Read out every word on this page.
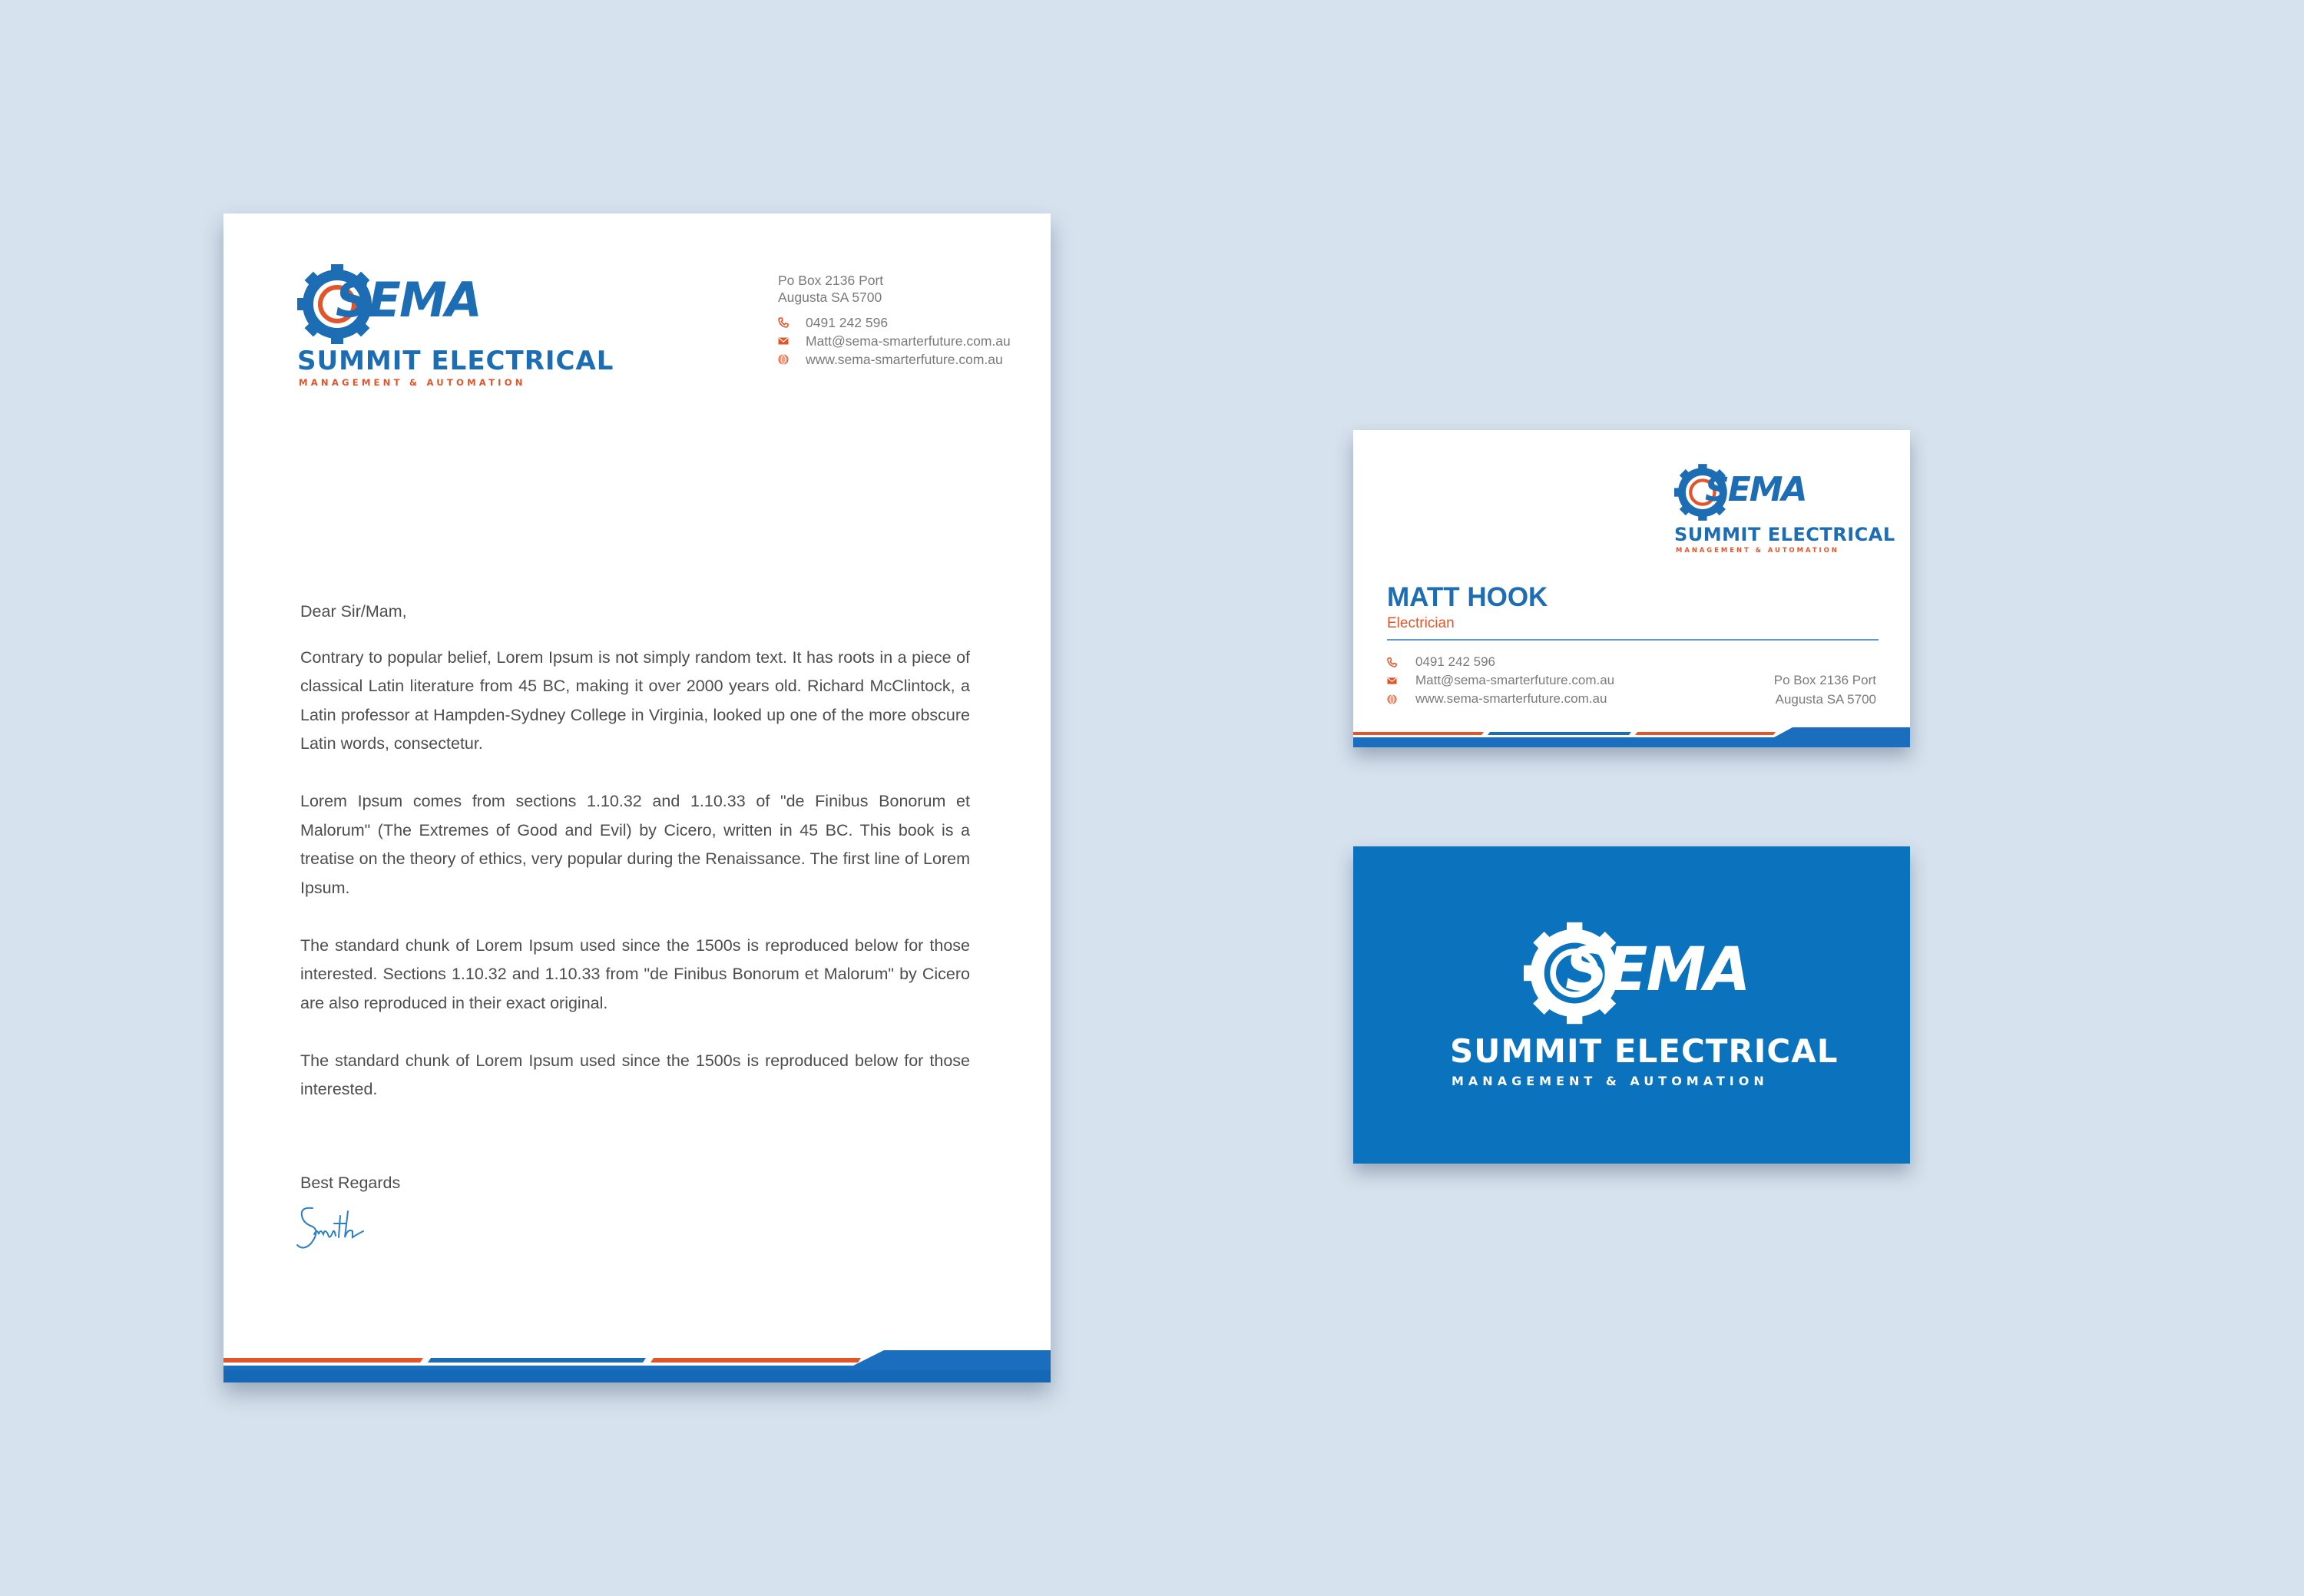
SEMA
SUMMIT ELECTRICAL
MANAGEMENT & AUTOMATION
Po Box 2136 Port
Augusta SA 5700
0491 242 596
Matt@sema-smarterfuture.com.au
www.sema-smarterfuture.com.au

Dear Sir/Mam,

Contrary to popular belief, Lorem Ipsum is not simply random text. It has roots in a piece of classical Latin literature from 45 BC, making it over 2000 years old. Richard McClintock, a Latin professor at Hampden-Sydney College in Virginia, looked up one of the more obscure Latin words, consectetur.

Lorem Ipsum comes from sections 1.10.32 and 1.10.33 of "de Finibus Bonorum et Malorum" (The Extremes of Good and Evil) by Cicero, written in 45 BC. This book is a treatise on the theory of ethics, very popular during the Renaissance. The first line of Lorem Ipsum.

The standard chunk of Lorem Ipsum used since the 1500s is reproduced below for those interested. Sections 1.10.32 and 1.10.33 from "de Finibus Bonorum et Malorum" by Cicero are also reproduced in their exact original.

The standard chunk of Lorem Ipsum used since the 1500s is reproduced below for those interested.

Best Regards
SEMA
SUMMIT ELECTRICAL
MANAGEMENT & AUTOMATION
MATT HOOK
Electrician
0491 242 596
Matt@sema-smarterfuture.com.au
www.sema-smarterfuture.com.au
Po Box 2136 Port
Augusta SA 5700
SEMA
SUMMIT ELECTRICAL
MANAGEMENT & AUTOMATION
